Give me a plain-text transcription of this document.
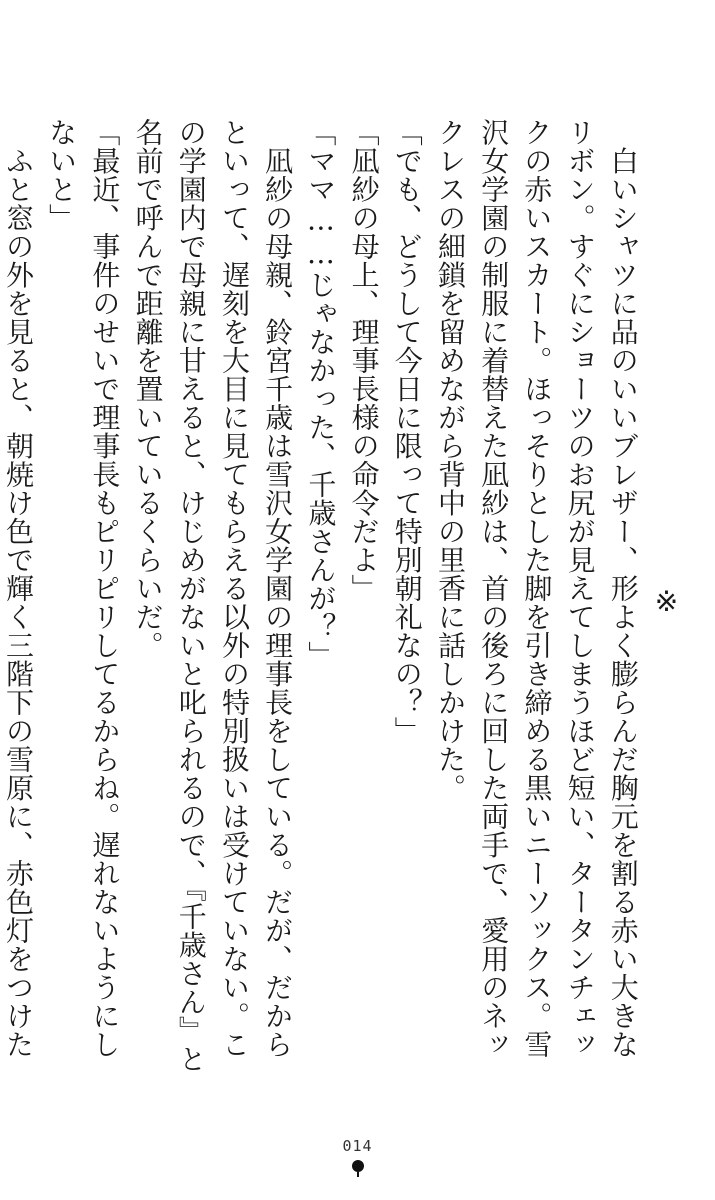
※
　白いシャツに品のいいブレザー、形よく膨らんだ胸元を割る赤い大きなリボン。すぐにショーツのお尻が見えてしまうほど短い、タータンチェックの赤いスカート。ほっそりとした脚を引き締める黒いニーソックス。雪沢女学園の制服に着替えた凪紗は、首の後ろに回した両手で、愛用のネックレスの細鎖を留めながら背中の里香に話しかけた。
「でも、どうして今日に限って特別朝礼なの？」
「凪紗の母上、理事長様の命令だよ」
「ママ……じゃなかった、千歳さんが？」
　凪紗の母親、鈴宮千歳は雪沢女学園の理事長をしている。だが、だからといって、遅刻を大目に見てもらえる以外の特別扱いは受けていない。この学園内で母親に甘えると、けじめがないと叱られるので、『千歳さん』と名前で呼んで距離を置いているくらいだ。
「最近、事件のせいで理事長もピリピリしてるからね。遅れないようにしないと」
　ふと窓の外を見ると、朝焼け色で輝く三階下の雪原に、赤色灯をつけた
014
